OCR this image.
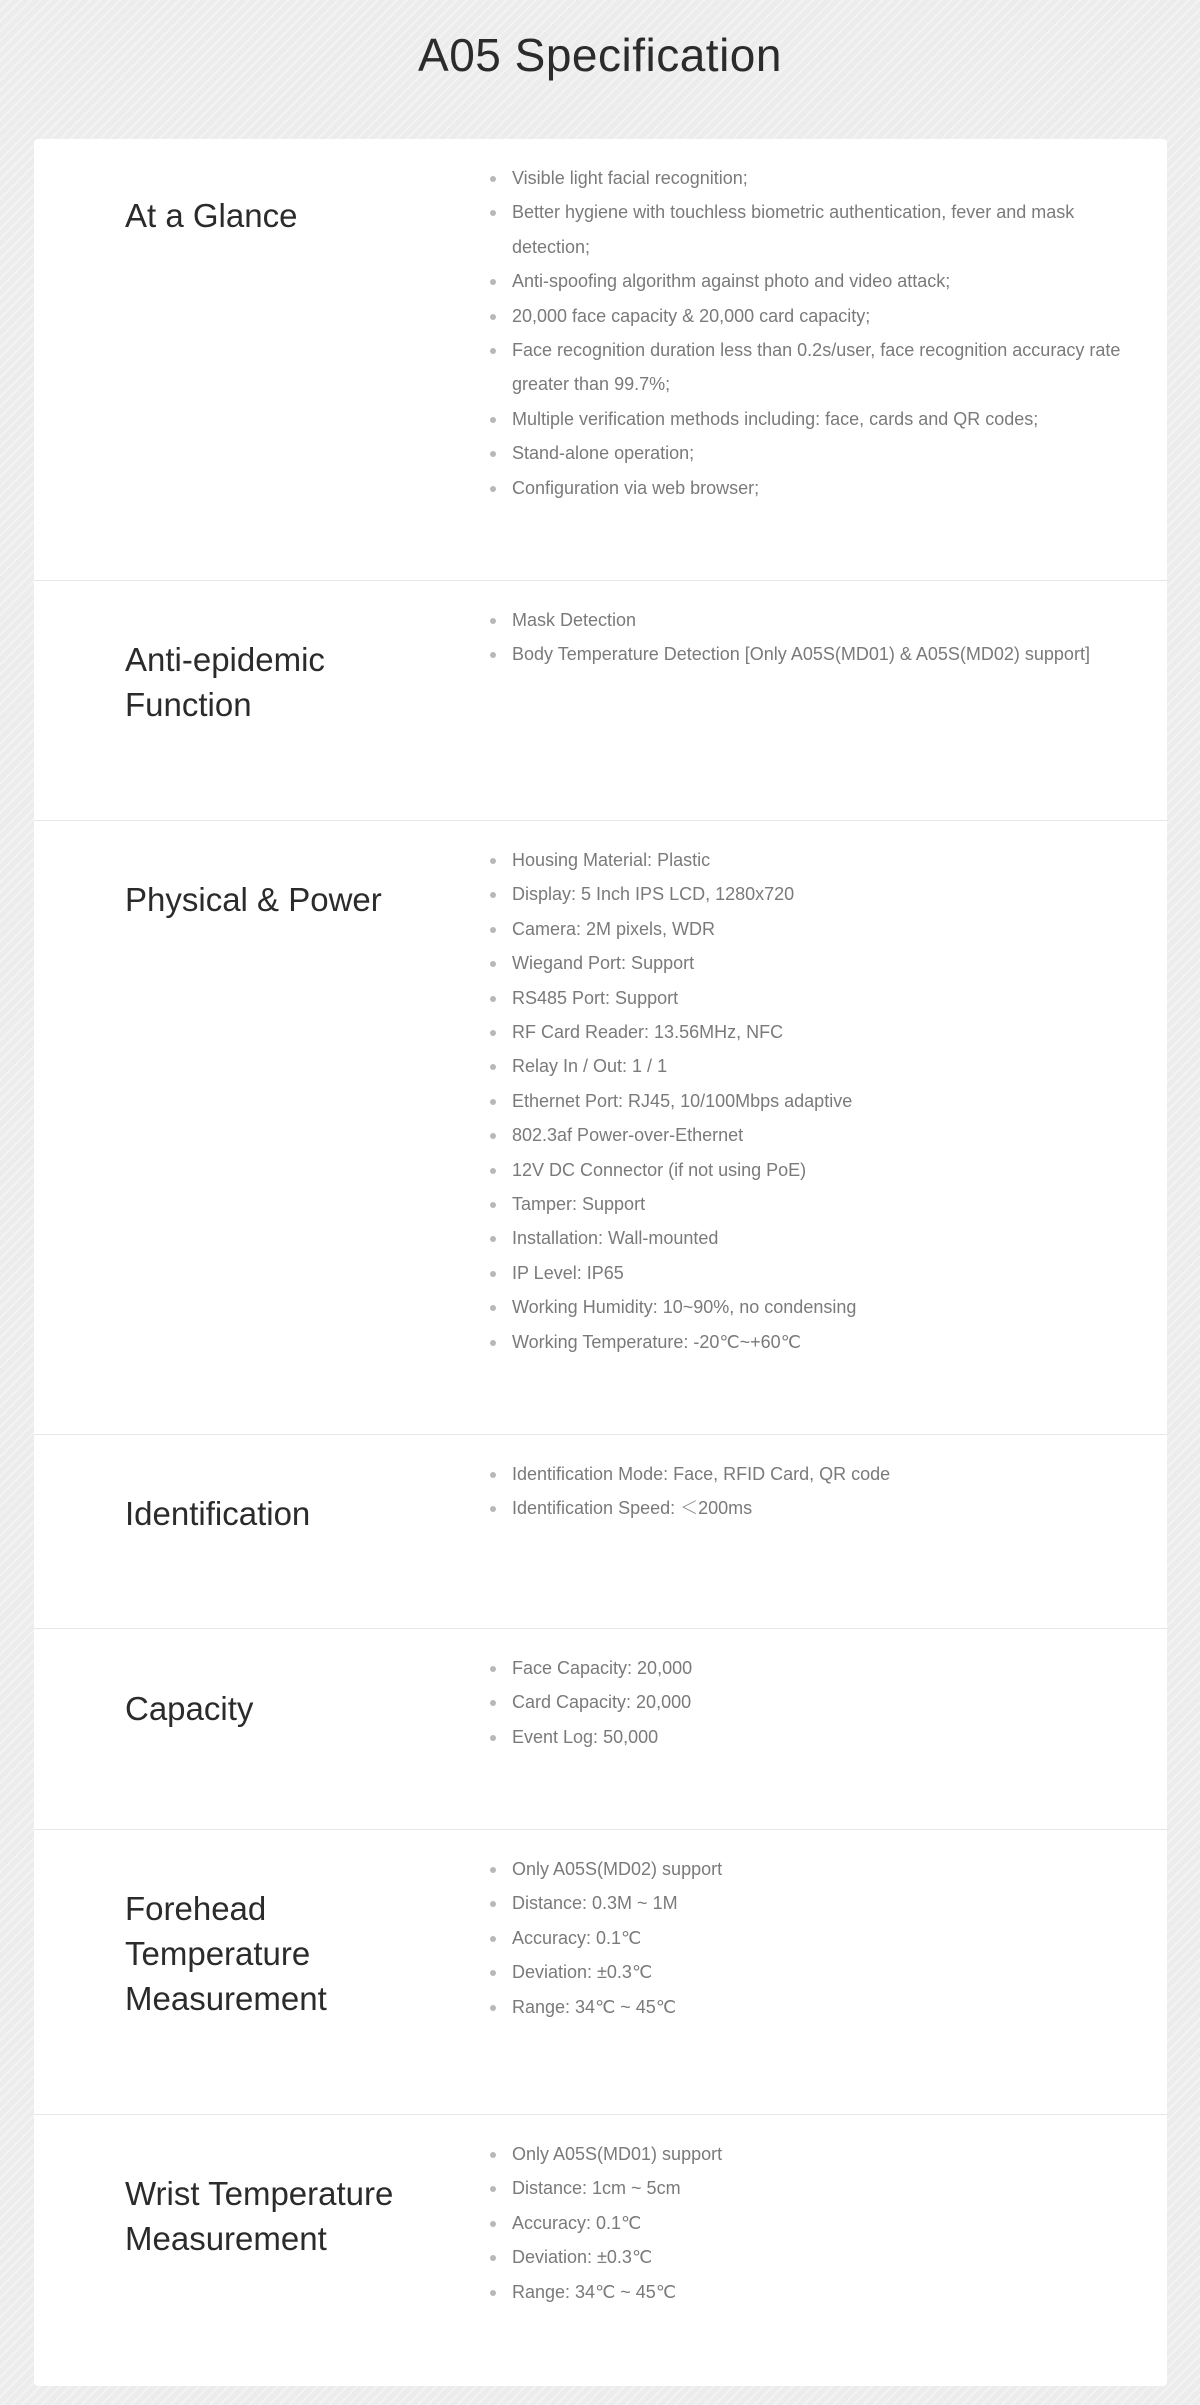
A05 Specification
At a Glance
Visible light facial recognition;
Better hygiene with touchless biometric authentication, fever and mask detection;
Anti-spoofing algorithm against photo and video attack;
20,000 face capacity & 20,000 card capacity;
Face recognition duration less than 0.2s/user, face recognition accuracy rate greater than 99.7%;
Multiple verification methods including: face, cards and QR codes;
Stand-alone operation;
Configuration via web browser;
Anti-epidemic Function
Mask Detection
Body Temperature Detection [Only A05S(MD01) & A05S(MD02) support]
Physical & Power
Housing Material: Plastic
Display: 5 Inch IPS LCD, 1280x720
Camera: 2M pixels, WDR
Wiegand Port: Support
RS485 Port: Support
RF Card Reader: 13.56MHz, NFC
Relay In / Out: 1 / 1
Ethernet Port: RJ45, 10/100Mbps adaptive
802.3af Power-over-Ethernet
12V DC Connector (if not using PoE)
Tamper: Support
Installation: Wall-mounted
IP Level: IP65
Working Humidity: 10~90%, no condensing
Working Temperature: -20℃~+60℃
Identification
Identification Mode: Face, RFID Card, QR code
Identification Speed: ＜200ms
Capacity
Face Capacity: 20,000
Card Capacity: 20,000
Event Log: 50,000
Forehead Temperature Measurement
Only A05S(MD02) support
Distance: 0.3M ~ 1M
Accuracy: 0.1℃
Deviation: ±0.3℃
Range: 34℃ ~ 45℃
Wrist Temperature Measurement
Only A05S(MD01) support
Distance: 1cm ~ 5cm
Accuracy: 0.1℃
Deviation: ±0.3℃
Range: 34℃ ~ 45℃
